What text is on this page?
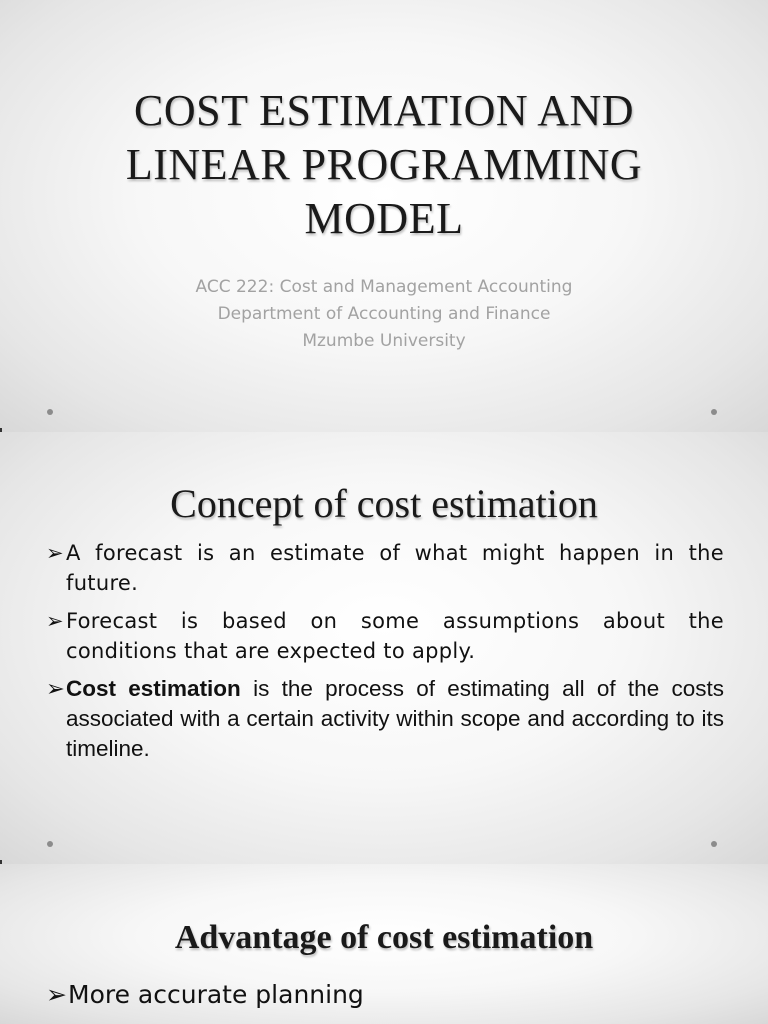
COST ESTIMATION AND
LINEAR PROGRAMMING
MODEL
ACC 222: Cost and Management Accounting
Department of Accounting and Finance
Mzumbe University
Concept of cost estimation
➢ A forecast is an estimate of what might happen in the future.
➢ Forecast is based on some assumptions about the conditions that are expected to apply.
➢ Cost estimation is the process of estimating all of the costs associated with a certain activity within scope and according to its timeline.
Advantage of cost estimation
➢ More accurate planning
